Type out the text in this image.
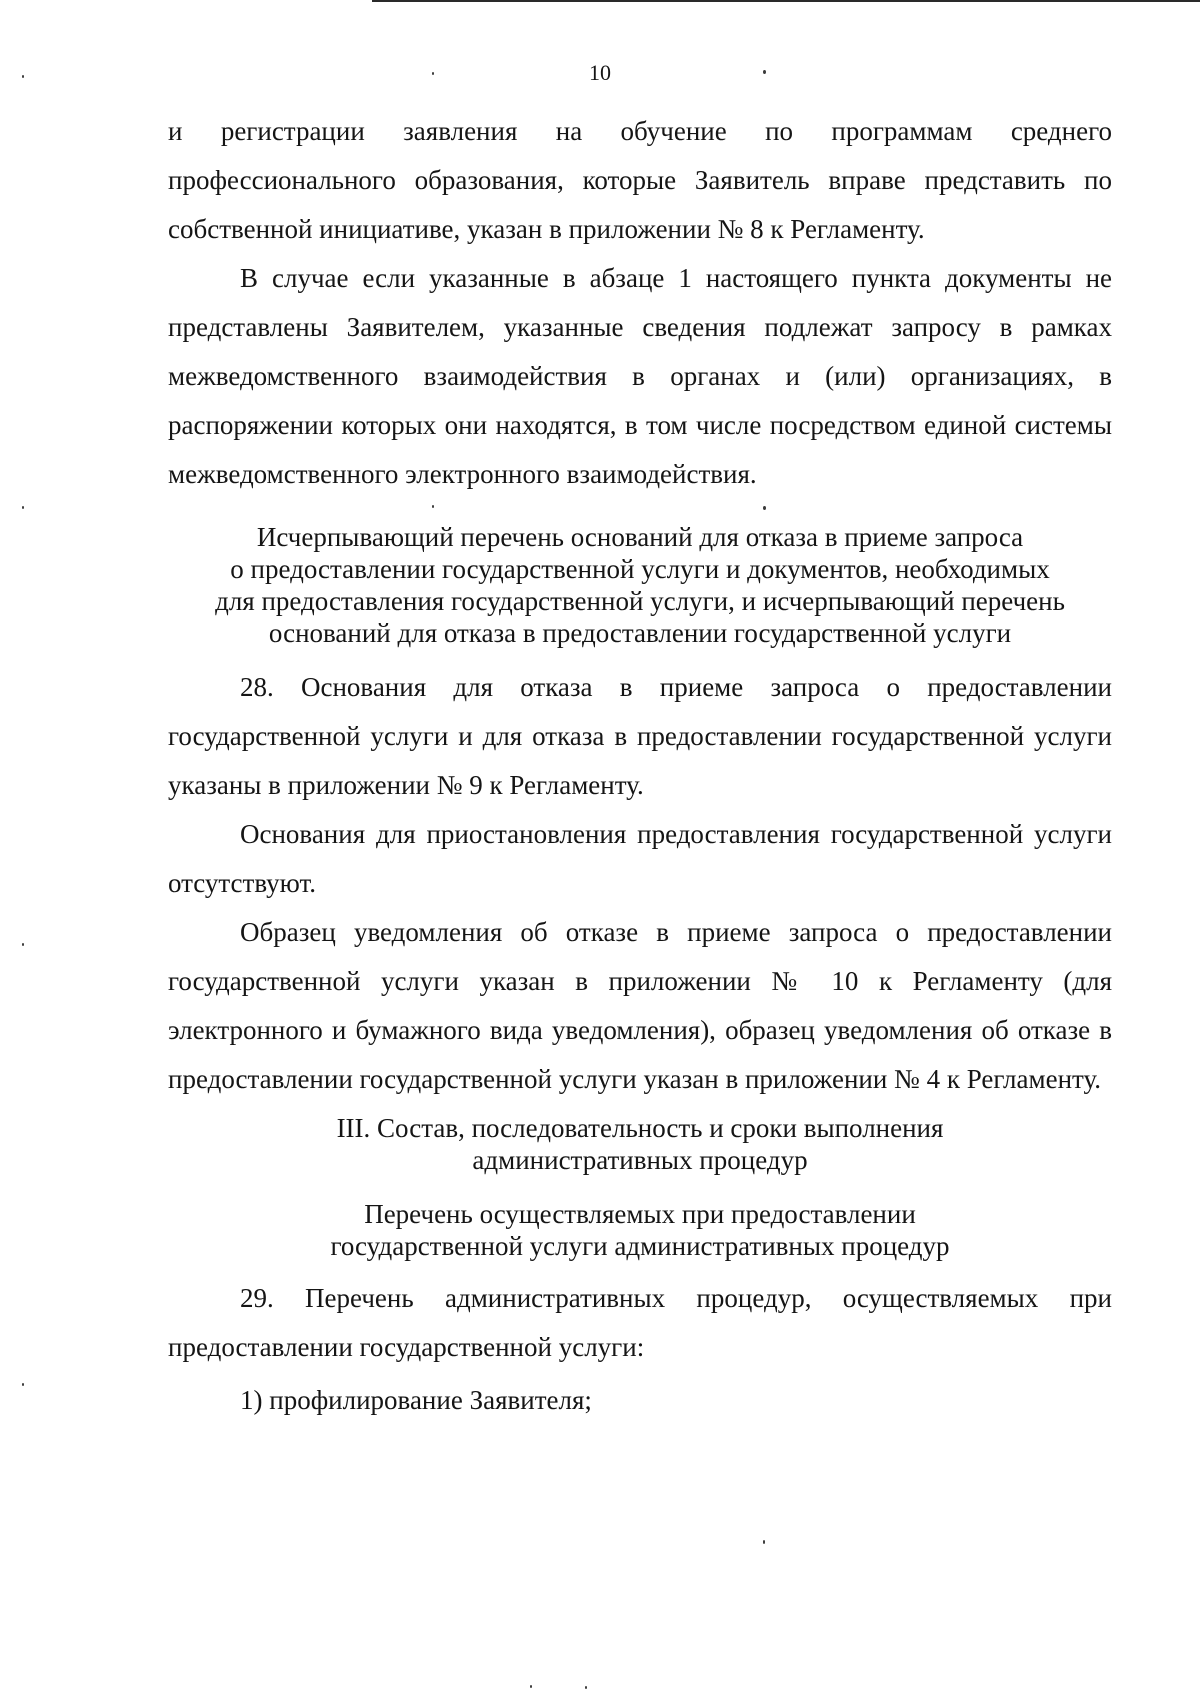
10

и регистрации заявления на обучение по программам среднего профессионального образования, которые Заявитель вправе представить по собственной инициативе, указан в приложении № 8 к Регламенту.

В случае если указанные в абзаце 1 настоящего пункта документы не представлены Заявителем, указанные сведения подлежат запросу в рамках межведомственного взаимодействия в органах и (или) организациях, в распоряжении которых они находятся, в том числе посредством единой системы межведомственного электронного взаимодействия.

Исчерпывающий перечень оснований для отказа в приеме запроса
о предоставлении государственной услуги и документов, необходимых
для предоставления государственной услуги, и исчерпывающий перечень
оснований для отказа в предоставлении государственной услуги

28. Основания для отказа в приеме запроса о предоставлении государственной услуги и для отказа в предоставлении государственной услуги указаны в приложении № 9 к Регламенту.

Основания для приостановления предоставления государственной услуги отсутствуют.

Образец уведомления об отказе в приеме запроса о предоставлении государственной услуги указан в приложении № 10 к Регламенту (для электронного и бумажного вида уведомления), образец уведомления об отказе в предоставлении государственной услуги указан в приложении № 4 к Регламенту.

III. Состав, последовательность и сроки выполнения
административных процедур
Перечень осуществляемых при предоставлении
государственной услуги административных процедур

29. Перечень административных процедур, осуществляемых при предоставлении государственной услуги:

1) профилирование Заявителя;
